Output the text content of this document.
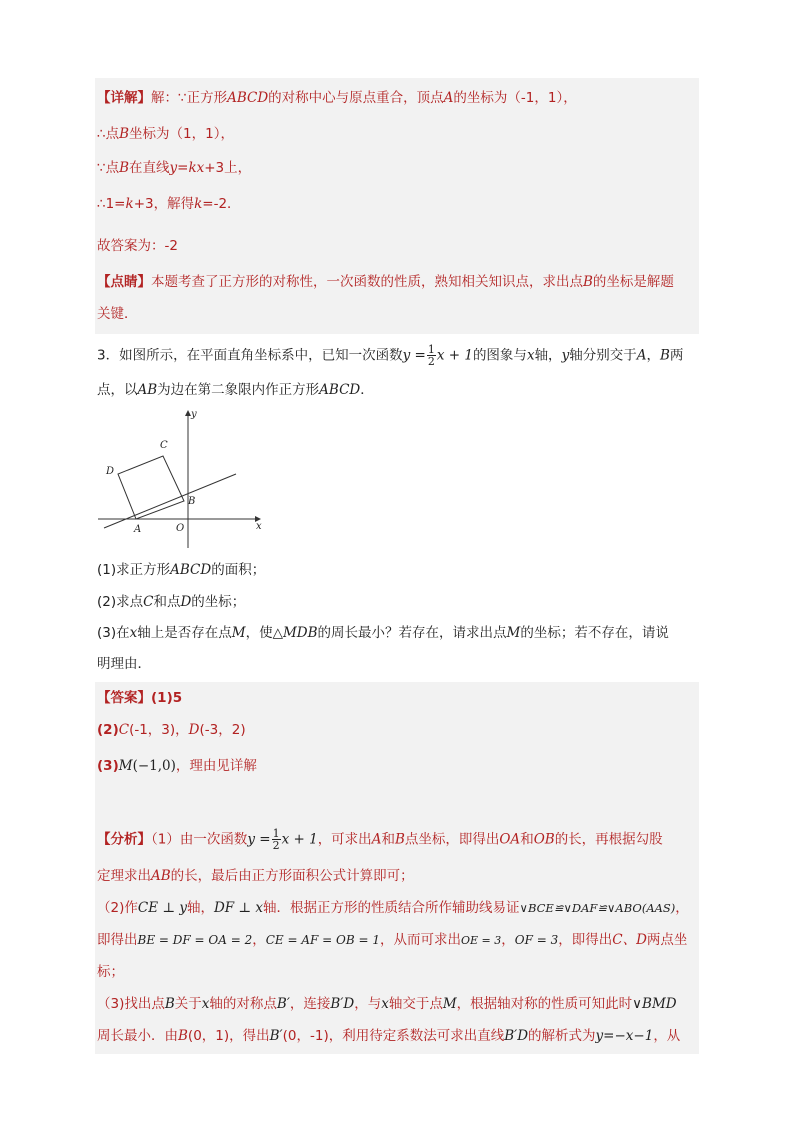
【详解】解：∵正方形ABCD的对称中心与原点重合，顶点A的坐标为（-1，1），
∴点B坐标为（1，1），
∵点B在直线y=kx+3上，
∴1=k+3，解得k=-2．
故答案为：-2
【点睛】本题考查了正方形的对称性，一次函数的性质，熟知相关知识点，求出点B的坐标是解题
关键．
3．如图所示，在平面直角坐标系中，已知一次函数$y = \frac{1}{2}$ x + 1的图象与x轴，y轴分别交于A，B两
点，以AB为边在第二象限内作正方形ABCD．
y
x
O
A
B
C
D
(1)求正方形ABCD的面积；
(2)求点C和点D的坐标；
(3)在x轴上是否存在点M，使△MDB的周长最小？若存在，请求出点M的坐标；若不存在，请说
明理由．
【答案】(1)5
(2)C(-1，3)，D(-3，2)
(3)M(−1,0)，理由见详解
【分析】（1）由一次函数$y = \frac{1}{2}$ x + 1，可求出A和B点坐标，即得出OA和OB的长，再根据勾股
定理求出AB的长，最后由正方形面积公式计算即可；
（2)作CE ⊥ y轴，DF ⊥ x轴．根据正方形的性质结合所作辅助线易证∨BCE≌∨DAF≌∨ABO(AAS)，
即得出BE = DF = OA = 2，CE = AF = OB = 1，从而可求出OE = 3，OF = 3，即得出C、D两点坐
标；
（3)找出点B关于x轴的对称点B′，连接B′D，与x轴交于点M，根据轴对称的性质可知此时∨BMD
周长最小．由B(0，1)，得出B′(0，-1)，利用待定系数法可求出直线B′D的解析式为y=−x−1，从
